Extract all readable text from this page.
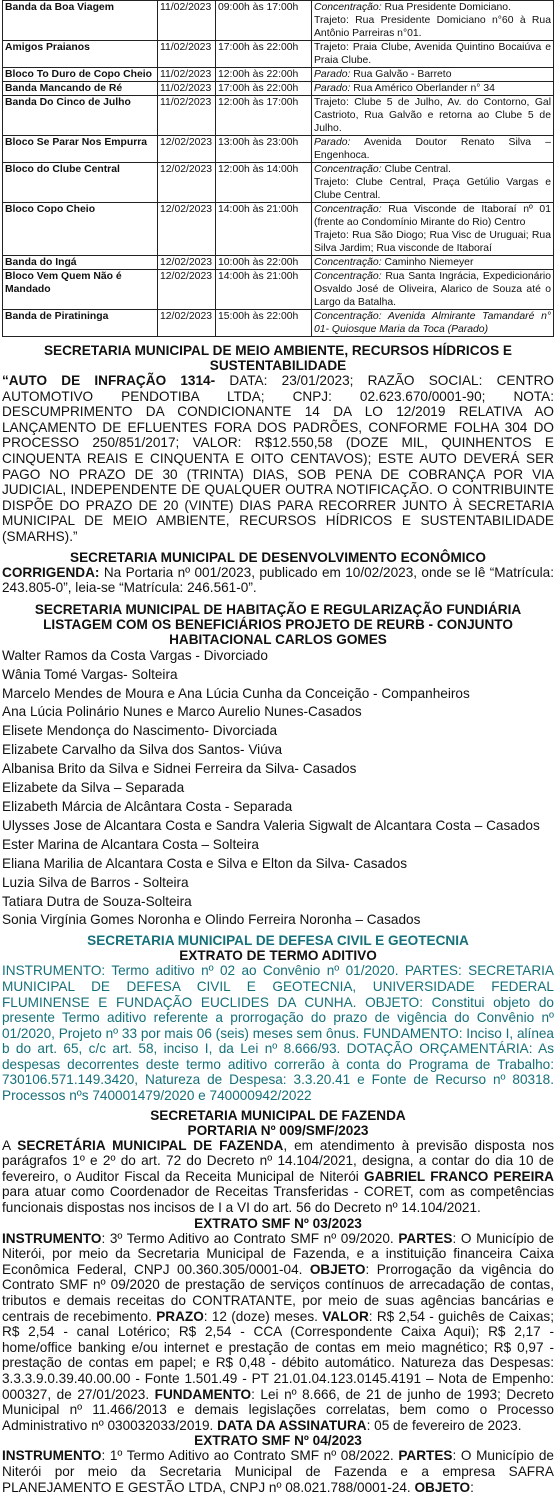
Banda da Boa Viagem	11/02/2023	09:00h às 17:00h	Concentração: Rua Presidente Domiciano.
Trajeto: Rua Presidente Domiciano n°60 à Rua Antônio Parreiras n°01.

Amigos Praianos	11/02/2023	17:00h às 22:00h	Trajeto: Praia Clube, Avenida Quintino Bocaiúva e Praia Clube.

Bloco To Duro de Copo Cheio	11/02/2023	12:00h às 22:00h	Parado: Rua Galvão - Barreto

Banda Mancando de Ré	11/02/2023	17:00h às 22:00h	Parado: Rua Américo Oberlander n° 34

Banda Do Cinco de Julho	11/02/2023	12:00h às 17:00h	Trajeto: Clube 5 de Julho, Av. do Contorno, Gal Castrioto, Rua Galvão e retorna ao Clube 5 de Julho.

Bloco Se Parar Nos Empurra	12/02/2023	13:00h às 23:00h	Parado: Avenida Doutor Renato Silva – Engenhoca.

Bloco do Clube Central	12/02/2023	12:00h às 14:00h	Concentração: Clube Central.
Trajeto: Clube Central, Praça Getúlio Vargas e Clube Central.

Bloco Copo Cheio	12/02/2023	14:00h às 21:00h	Concentração: Rua Visconde de Itaboraí nº 01 (frente ao Condomínio Mirante do Rio) Centro
Trajeto: Rua São Diogo; Rua Visc de Uruguai; Rua Silva Jardim; Rua visconde de Itaboraí

Banda do Ingá	12/02/2023	10:00h às 22:00h	Concentração: Caminho Niemeyer

Bloco Vem Quem Não é Mandado	12/02/2023	14:00h às 21:00h	Concentração: Rua Santa Ingrácia, Expedicionário Osvaldo José de Oliveira, Alarico de Souza até o Largo da Batalha.

Banda de Piratininga	12/02/2023	15:00h às 22:00h	Concentração: Avenida Almirante Tamandaré n° 01- Quiosque Maria da Toca (Parado)
SECRETARIA MUNICIPAL DE MEIO AMBIENTE, RECURSOS HÍDRICOS E SUSTENTABILIDADE

“AUTO DE INFRAÇÃO 1314- DATA: 23/01/2023; RAZÃO SOCIAL: CENTRO AUTOMOTIVO PENDOTIBA LTDA; CNPJ: 02.623.670/0001-90; NOTA: DESCUMPRIMENTO DA CONDICIONANTE 14 DA LO 12/2019 RELATIVA AO LANÇAMENTO DE EFLUENTES FORA DOS PADRÕES, CONFORME FOLHA 304 DO PROCESSO 250/851/2017; VALOR: R$12.550,58 (DOZE MIL, QUINHENTOS E CINQUENTA REAIS E CINQUENTA E OITO CENTAVOS); ESTE AUTO DEVERÁ SER PAGO NO PRAZO DE 30 (TRINTA) DIAS, SOB PENA DE COBRANÇA POR VIA JUDICIAL, INDEPENDENTE DE QUALQUER OUTRA NOTIFICAÇÃO. O CONTRIBUINTE DISPÕE DO PRAZO DE 20 (VINTE) DIAS PARA RECORRER JUNTO À SECRETARIA MUNICIPAL DE MEIO AMBIENTE, RECURSOS HÍDRICOS E SUSTENTABILIDADE (SMARHS).”

SECRETARIA MUNICIPAL DE DESENVOLVIMENTO ECONÔMICO

CORRIGENDA: Na Portaria nº 001/2023, publicado em 10/02/2023, onde se lê “Matrícula: 243.805-0”, leia-se “Matrícula: 246.561-0”.

SECRETARIA MUNICIPAL DE HABITAÇÃO E REGULARIZAÇÃO FUNDIÁRIA
LISTAGEM COM OS BENEFICIÁRIOS PROJETO DE REURB - CONJUNTO HABITACIONAL CARLOS GOMES
Walter Ramos da Costa Vargas - Divorciado
Wânia Tomé Vargas- Solteira
Marcelo Mendes de Moura e Ana Lúcia Cunha da Conceição - Companheiros
Ana Lúcia Polinário Nunes e Marco Aurelio Nunes-Casados
Elisete Mendonça do Nascimento- Divorciada
Elizabete Carvalho da Silva dos Santos- Viúva
Albanisa Brito da Silva e Sidnei Ferreira da Silva- Casados
Elizabete da Silva – Separada
Elizabeth Márcia de Alcântara Costa - Separada
Ulysses Jose de Alcantara Costa e Sandra Valeria Sigwalt de Alcantara Costa – Casados
Ester Marina de Alcantara Costa – Solteira
Eliana Marilia de Alcantara Costa e Silva e Elton da Silva- Casados
Luzia Silva de Barros - Solteira
Tatiara Dutra de Souza-Solteira
Sonia Virgínia Gomes Noronha e Olindo Ferreira Noronha – Casados
SECRETARIA MUNICIPAL DE DEFESA CIVIL E GEOTECNIA
EXTRATO DE TERMO ADITIVO

INSTRUMENTO: Termo aditivo nº 02 ao Convênio nº 01/2020. PARTES: SECRETARIA MUNICIPAL DE DEFESA CIVIL E GEOTECNIA, UNIVERSIDADE FEDERAL FLUMINENSE E FUNDAÇÃO EUCLIDES DA CUNHA. OBJETO: Constitui objeto do presente Termo aditivo referente a prorrogação do prazo de vigência do Convênio nº 01/2020, Projeto nº 33 por mais 06 (seis) meses sem ônus. FUNDAMENTO: Inciso I, alínea b do art. 65, c/c art. 58, inciso I, da Lei nº 8.666/93. DOTAÇÃO ORÇAMENTÁRIA: As despesas decorrentes deste termo aditivo correrão à conta do Programa de Trabalho: 730106.571.149.3420, Natureza de Despesa: 3.3.20.41 e Fonte de Recurso nº 80318. Processos nºs 740001479/2020 e 740000942/2022

SECRETARIA MUNICIPAL DE FAZENDA
PORTARIA Nº 009/SMF/2023

A SECRETÁRIA MUNICIPAL DE FAZENDA, em atendimento à previsão disposta nos parágrafos 1º e 2º do art. 72 do Decreto nº 14.104/2021, designa, a contar do dia 10 de fevereiro, o Auditor Fiscal da Receita Municipal de Niterói GABRIEL FRANCO PEREIRA para atuar como Coordenador de Receitas Transferidas - CORET, com as competências funcionais dispostas nos incisos de I a VI do art. 56 do Decreto nº 14.104/2021.

EXTRATO SMF Nº 03/2023

INSTRUMENTO: 3º Termo Aditivo ao Contrato SMF nº 09/2020. PARTES: O Município de Niterói, por meio da Secretaria Municipal de Fazenda, e a instituição financeira Caixa Econômica Federal, CNPJ 00.360.305/0001-04. OBJETO: Prorrogação da vigência do Contrato SMF nº 09/2020 de prestação de serviços contínuos de arrecadação de contas, tributos e demais receitas do CONTRATANTE, por meio de suas agências bancárias e centrais de recebimento. PRAZO: 12 (doze) meses. VALOR: R$ 2,54 - guichês de Caixas; R$ 2,54 - canal Lotérico; R$ 2,54 - CCA (Correspondente Caixa Aqui); R$ 2,17 - home/office banking e/ou internet e prestação de contas em meio magnético; R$ 0,97 - prestação de contas em papel; e R$ 0,48 - débito automático. Natureza das Despesas: 3.3.3.9.0.39.40.00.00 - Fonte 1.501.49 - PT 21.01.04.123.0145.4191 – Nota de Empenho: 000327, de 27/01/2023. FUNDAMENTO: Lei nº 8.666, de 21 de junho de 1993; Decreto Municipal nº 11.466/2013 e demais legislações correlatas, bem como o Processo Administrativo nº 030032033/2019. DATA DA ASSINATURA: 05 de fevereiro de 2023.

EXTRATO SMF Nº 04/2023

INSTRUMENTO: 1º Termo Aditivo ao Contrato SMF nº 08/2022. PARTES: O Município de Niterói por meio da Secretaria Municipal de Fazenda e a empresa SAFRA PLANEJAMENTO E GESTÃO LTDA, CNPJ nº 08.021.788/0001-24. OBJETO:
